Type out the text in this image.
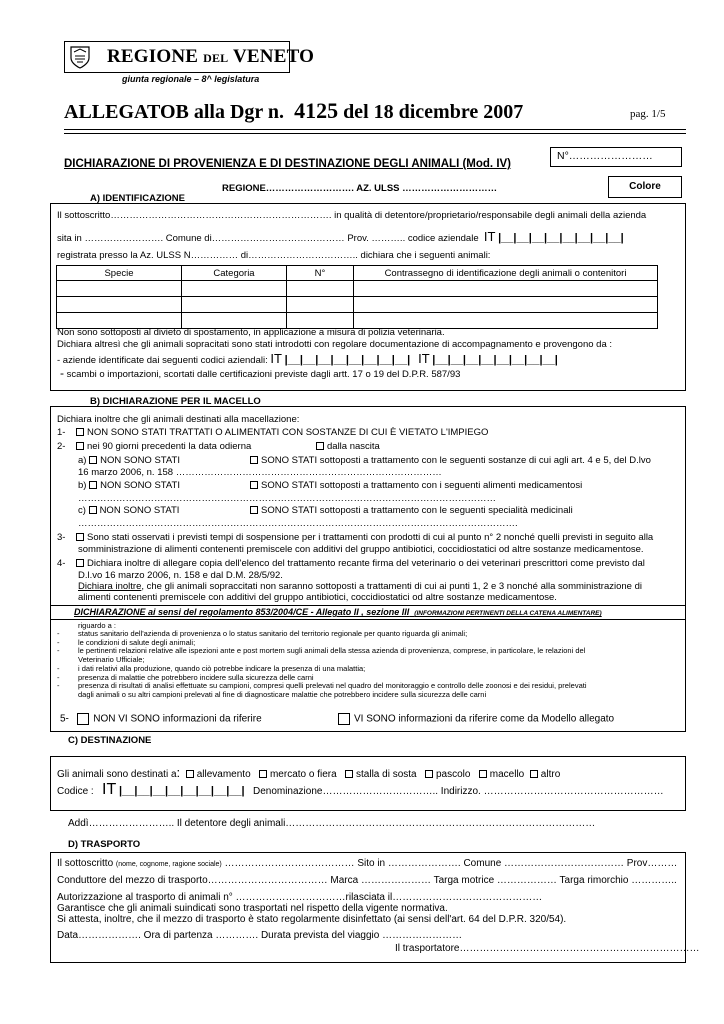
REGIONE DEL VENETO
giunta regionale – 8^ legislatura
ALLEGATOB alla Dgr n. 4125 del 18 dicembre 2007	pag. 1/5
DICHIARAZIONE DI PROVENIENZA E DI DESTINAZIONE DEGLI ANIMALI (Mod. IV)
N°……………………
REGIONE………………………. AZ. ULSS …………………………	Colore
A) IDENTIFICAZIONE
Il sottoscritto……………………………………………………………. in qualità di detentore/proprietario/responsabile degli animali della azienda
sita in ……………………. Comune di…………………………………… Prov. ……….. codice aziendale IT |__|__|__|__|__|__|__|__|
registrata presso la Az. ULSS N…………… di…………………………….. dichiara che i seguenti animali:
Specie	Categoria	N°	Contrassegno di identificazione degli animali o contenitori

Non sono sottoposti al divieto di spostamento, in applicazione a misura di polizia veterinaria.
Dichiara altresì che gli animali sopracitati sono stati introdotti con regolare documentazione di accompagnamento e provengono da :
- aziende identificate dai seguenti codici aziendali: IT |__|__|__|__|__|__|__|__| IT |__|__|__|__|__|__|__|__|
- scambi o importazioni, scortati dalle certificazioni previste dagli artt. 17 o 19 del D.P.R. 587/93
B) DICHIARAZIONE PER IL MACELLO
Dichiara inoltre che gli animali destinati alla macellazione:
1- NON SONO STATI TRATTATI O ALIMENTATI CON SOSTANZE DI CUI È VIETATO L'IMPIEGO
2- nei 90 giorni precedenti la data odierna	dalla nascita
a) NON SONO STATI	SONO STATI sottoposti a trattamento con le seguenti sostanze di cui agli art. 4 e 5, del D.lvo
16 marzo 2006, n. 158 …………………………………………………………………………
b) NON SONO STATI	SONO STATI sottoposti a trattamento con i seguenti alimenti medicamentosi
……………………………………………………………………………………………………………………
c) NON SONO STATI	SONO STATI sottoposti a trattamento con le seguenti specialità medicinali
………………………………………………………………………………………………………………………….
3- Sono stati osservati i previsti tempi di sospensione per i trattamenti con prodotti di cui al punto n° 2 nonché quelli previsti in seguito alla
somministrazione di alimenti contenenti premiscele con additivi del gruppo antibiotici, coccidiostatici od altre sostanze medicamentose.
4- Dichiara inoltre di allegare copia dell'elenco del trattamento recante firma del veterinario o dei veterinari prescrittori come previsto dal
D.l.vo 16 marzo 2006, n. 158 e dal D.M. 28/5/92.
Dichiara inoltre, che gli animali sopraccitati non saranno sottoposti a trattamenti di cui ai punti 1, 2 e 3 nonché alla somministrazione di
alimenti contenenti premiscele con additivi del gruppo antibiotici, coccidiostatici od altre sostanze medicamentose.
DICHIARAZIONE ai sensi del regolamento 853/2004/CE - Allegato II , sezione III (INFORMAZIONI PERTINENTI DELLA CATENA ALIMENTARE)
riguardo a :
- status sanitario dell'azienda di provenienza o lo status sanitario del territorio regionale per quanto riguarda gli animali;
- le condizioni di salute degli animali;
- le pertinenti relazioni relative alle ispezioni ante e post mortem sugli animali della stessa azienda di provenienza, comprese, in particolare, le relazioni del
Veterinario Ufficiale;
- i dati relativi alla produzione, quando ciò potrebbe indicare la presenza di una malattia;
- presenza di malattie che potrebbero incidere sulla sicurezza delle carni
- presenza di risultati di analisi effettuate su campioni, compresi quelli prelevati nel quadro del monitoraggio e controllo delle zoonosi e dei residui, prelevati
dagli animali o su altri campioni prelevati al fine di diagnosticare malattie che potrebbero incidere sulla sicurezza delle carni
5- NON VI SONO informazioni da riferire	VI SONO informazioni da riferire come da Modello allegato
C) DESTINAZIONE
Gli animali sono destinati a: allevamento mercato o fiera stalla di sosta pascolo macello altro
Codice : IT |__|__|__|__|__|__|__|__| Denominazione…………………………….. Indirizzo. ………………………………………………
Addì…………………….. Il detentore degli animali…………………………………………………………………………………
D) TRASPORTO
Il sottoscritto (nome, cognome, ragione sociale) ………………………………… Sito in …………………. Comune ……………………………… Prov………
Conduttore del mezzo di trasporto……………………………… Marca ………………… Targa motrice ……………… Targa rimorchio …………..
Autorizzazione al trasporto di animali n° ……………………………rilasciata il………………………………………
Garantisce che gli animali suindicati sono trasportati nel rispetto della vigente normativa.
Si attesta, inoltre, che il mezzo di trasporto è stato regolarmente disinfettato (ai sensi dell'art. 64 del D.P.R. 320/54).
Data………………. Ora di partenza …………. Durata prevista del viaggio ……………………
Il trasportatore………………………………………………………………
